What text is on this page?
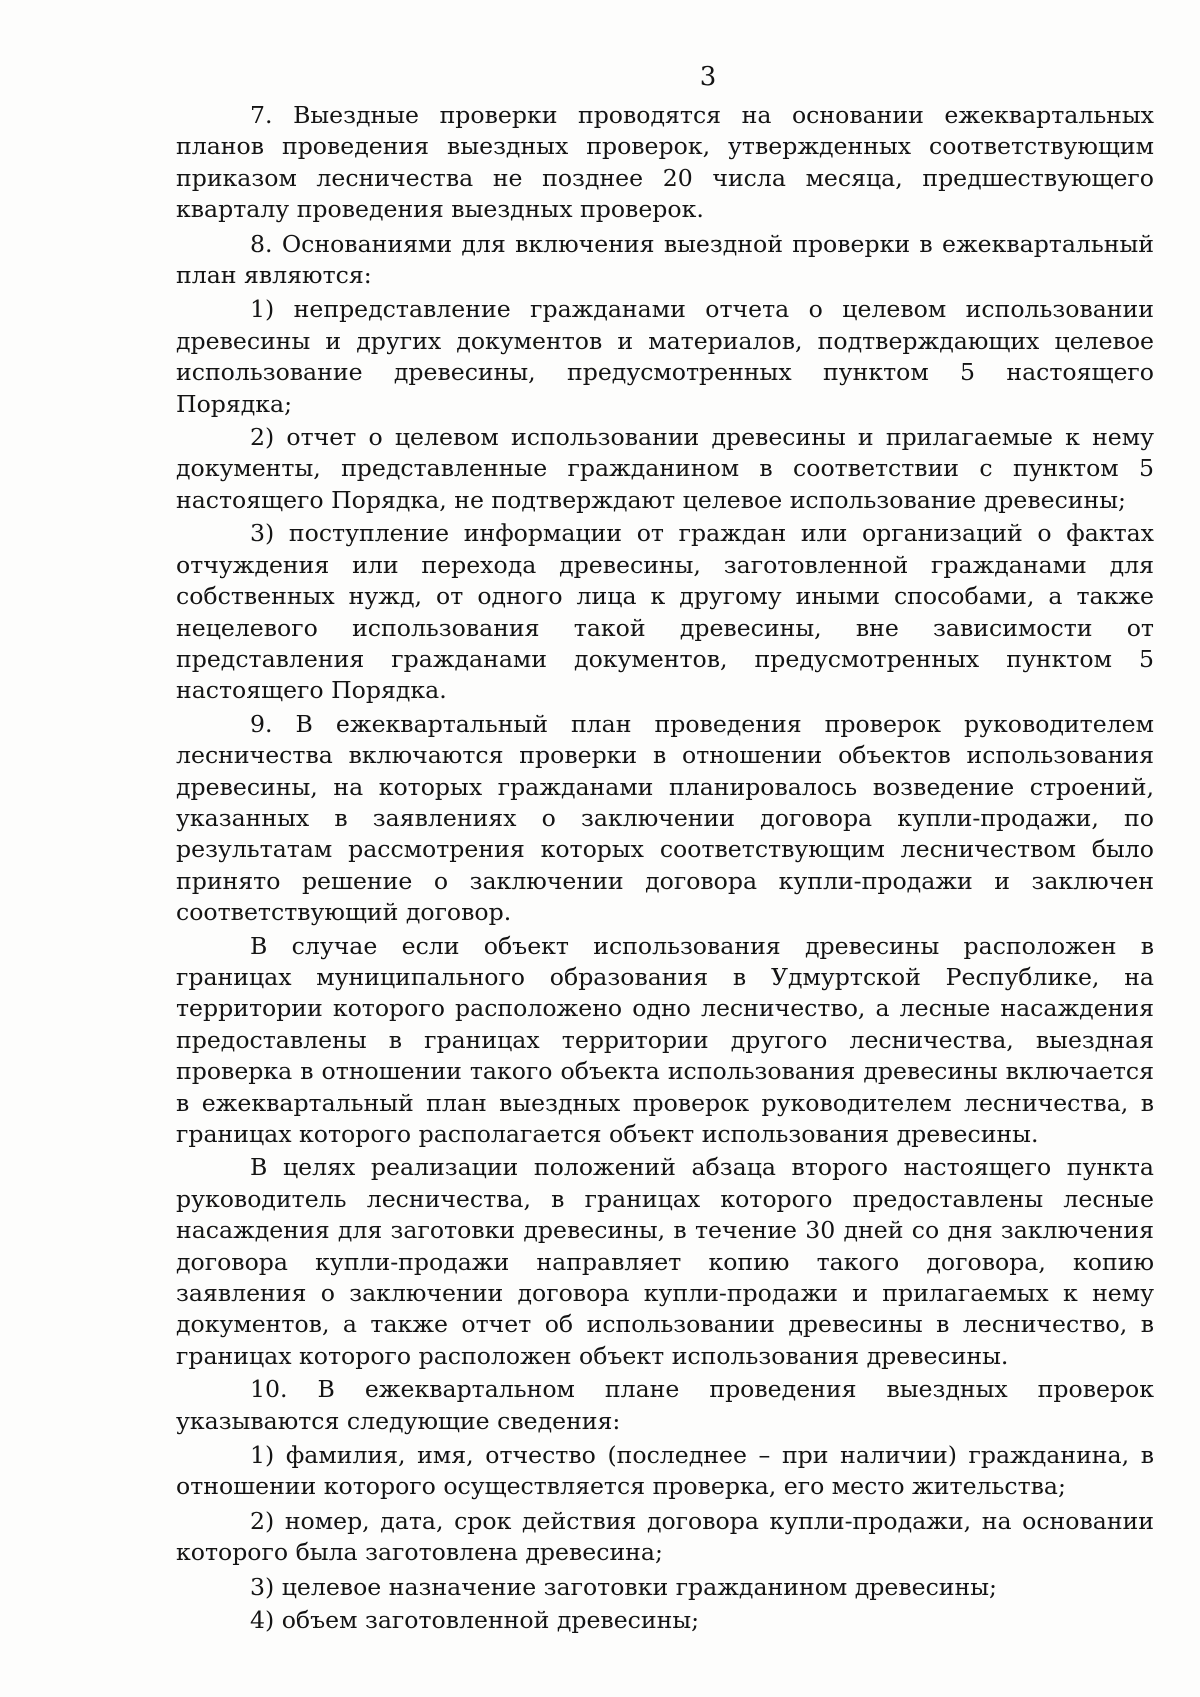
3

7. Выездные проверки проводятся на основании ежеквартальных планов проведения выездных проверок, утвержденных соответствующим приказом лесничества не позднее 20 числа месяца, предшествующего кварталу проведения выездных проверок.

8. Основаниями для включения выездной проверки в ежеквартальный план являются:

1) непредставление гражданами отчета о целевом использовании древесины и других документов и материалов, подтверждающих целевое использование древесины, предусмотренных пунктом 5 настоящего Порядка;

2) отчет о целевом использовании древесины и прилагаемые к нему документы, представленные гражданином в соответствии с пунктом 5 настоящего Порядка, не подтверждают целевое использование древесины;

3) поступление информации от граждан или организаций о фактах отчуждения или перехода древесины, заготовленной гражданами для собственных нужд, от одного лица к другому иными способами, а также нецелевого использования такой древесины, вне зависимости от представления гражданами документов, предусмотренных пунктом 5 настоящего Порядка.

9. В ежеквартальный план проведения проверок руководителем лесничества включаются проверки в отношении объектов использования древесины, на которых гражданами планировалось возведение строений, указанных в заявлениях о заключении договора купли-продажи, по результатам рассмотрения которых соответствующим лесничеством было принято решение о заключении договора купли-продажи и заключен соответствующий договор.

В случае если объект использования древесины расположен в границах муниципального образования в Удмуртской Республике, на территории которого расположено одно лесничество, а лесные насаждения предоставлены в границах территории другого лесничества, выездная проверка в отношении такого объекта использования древесины включается в ежеквартальный план выездных проверок руководителем лесничества, в границах которого располагается объект использования древесины.

В целях реализации положений абзаца второго настоящего пункта руководитель лесничества, в границах которого предоставлены лесные насаждения для заготовки древесины, в течение 30 дней со дня заключения договора купли-продажи направляет копию такого договора, копию заявления о заключении договора купли-продажи и прилагаемых к нему документов, а также отчет об использовании древесины в лесничество, в границах которого расположен объект использования древесины.

10. В ежеквартальном плане проведения выездных проверок указываются следующие сведения:

1) фамилия, имя, отчество (последнее – при наличии) гражданина, в отношении которого осуществляется проверка, его место жительства;

2) номер, дата, срок действия договора купли-продажи, на основании которого была заготовлена древесина;

3) целевое назначение заготовки гражданином древесины;

4) объем заготовленной древесины;
